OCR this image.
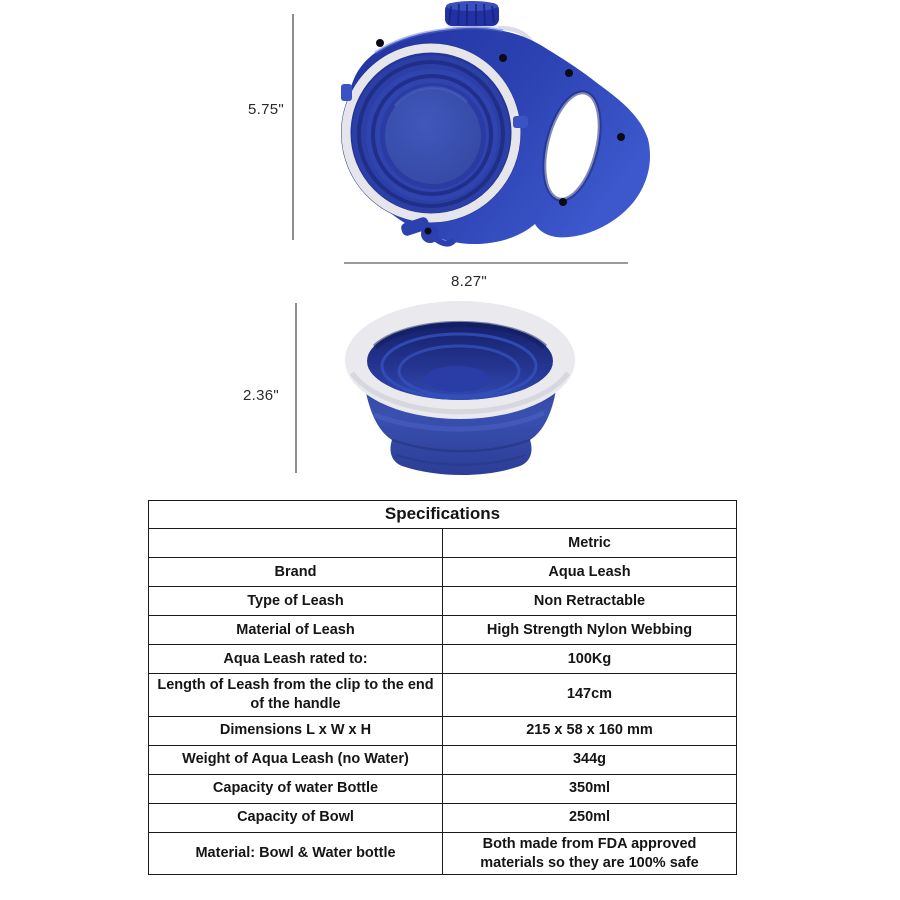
5.75"
8.27"
2.36"
Specifications	
	Metric
Brand	Aqua Leash
Type of Leash	Non Retractable
Material of Leash	High Strength Nylon Webbing
Aqua Leash rated to:	100Kg
Length of Leash from the clip to the end of the handle	147cm
Dimensions L x W x H	215 x 58 x 160 mm
Weight of Aqua Leash (no Water)	344g
Capacity of water Bottle	350ml
Capacity of Bowl	250ml
Material: Bowl & Water bottle	Both made from FDA approved materials so they are 100% safe
